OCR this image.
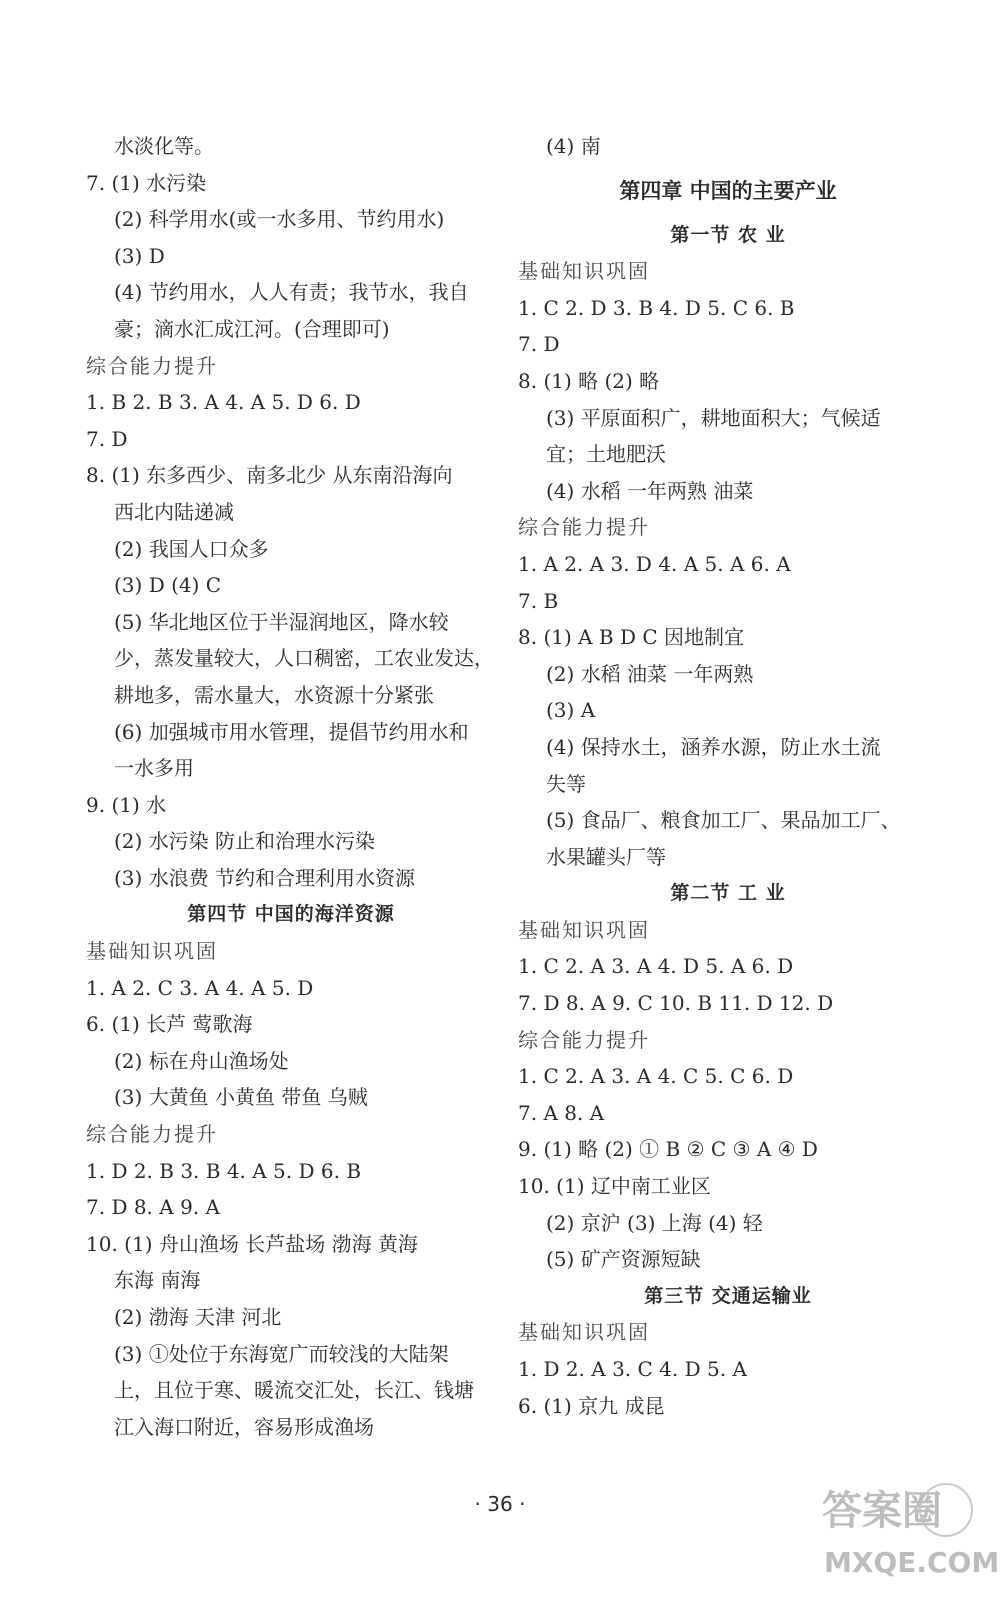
水淡化等。
7. (1) 水污染
(2) 科学用水(或一水多用、节约用水)
(3) D
(4) 节约用水，人人有责；我节水，我自
豪；滴水汇成江河。(合理即可)
综合能力提升
1. B 2. B 3. A 4. A 5. D 6. D
7. D
8. (1) 东多西少、南多北少 从东南沿海向
西北内陆递减
(2) 我国人口众多
(3) D (4) C
(5) 华北地区位于半湿润地区，降水较
少，蒸发量较大，人口稠密，工农业发达，
耕地多，需水量大，水资源十分紧张
(6) 加强城市用水管理，提倡节约用水和
一水多用
9. (1) 水
(2) 水污染 防止和治理水污染
(3) 水浪费 节约和合理利用水资源
第四节 中国的海洋资源
基础知识巩固
1. A 2. C 3. A 4. A 5. D
6. (1) 长芦 莺歌海
(2) 标在舟山渔场处
(3) 大黄鱼 小黄鱼 带鱼 乌贼
综合能力提升
1. D 2. B 3. B 4. A 5. D 6. B
7. D 8. A 9. A
10. (1) 舟山渔场 长芦盐场 渤海 黄海
东海 南海
(2) 渤海 天津 河北
(3) ①处位于东海宽广而较浅的大陆架
上，且位于寒、暖流交汇处，长江、钱塘
江入海口附近，容易形成渔场
(4) 南
第四章 中国的主要产业
第一节 农 业
基础知识巩固
1. C 2. D 3. B 4. D 5. C 6. B
7. D
8. (1) 略 (2) 略
(3) 平原面积广，耕地面积大；气候适
宜；土地肥沃
(4) 水稻 一年两熟 油菜
综合能力提升
1. A 2. A 3. D 4. A 5. A 6. A
7. B
8. (1) A B D C 因地制宜
(2) 水稻 油菜 一年两熟
(3) A
(4) 保持水土，涵养水源，防止水土流
失等
(5) 食品厂、粮食加工厂、果品加工厂、
水果罐头厂等
第二节 工 业
基础知识巩固
1. C 2. A 3. A 4. D 5. A 6. D
7. D 8. A 9. C 10. B 11. D 12. D
综合能力提升
1. C 2. A 3. A 4. C 5. C 6. D
7. A 8. A
9. (1) 略 (2) ① B ② C ③ A ④ D
10. (1) 辽中南工业区
(2) 京沪 (3) 上海 (4) 轻
(5) 矿产资源短缺
第三节 交通运输业
基础知识巩固
1. D 2. A 3. C 4. D 5. A
6. (1) 京九 成昆
· 36 ·	答案圈
MXQE.COM
